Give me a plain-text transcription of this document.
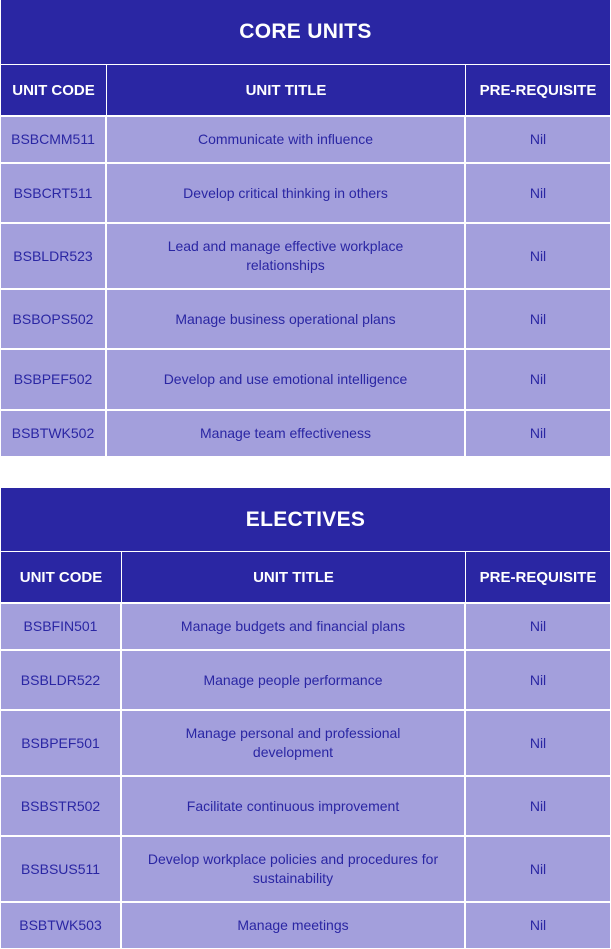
CORE UNITS		
UNIT CODE	UNIT TITLE	PRE-REQUISITE
BSBCMM511	Communicate with influence	Nil
BSBCRT511	Develop critical thinking in others	Nil
BSBLDR523	Lead and manage effective workplace relationships	Nil
BSBOPS502	Manage business operational plans	Nil
BSBPEF502	Develop and use emotional intelligence	Nil
BSBTWK502	Manage team effectiveness	Nil
ELECTIVES		
UNIT CODE	UNIT TITLE	PRE-REQUISITE
BSBFIN501	Manage budgets and financial plans	Nil
BSBLDR522	Manage people performance	Nil
BSBPEF501	Manage personal and professional development	Nil
BSBSTR502	Facilitate continuous improvement	Nil
BSBSUS511	Develop workplace policies and procedures for sustainability	Nil
BSBTWK503	Manage meetings	Nil
